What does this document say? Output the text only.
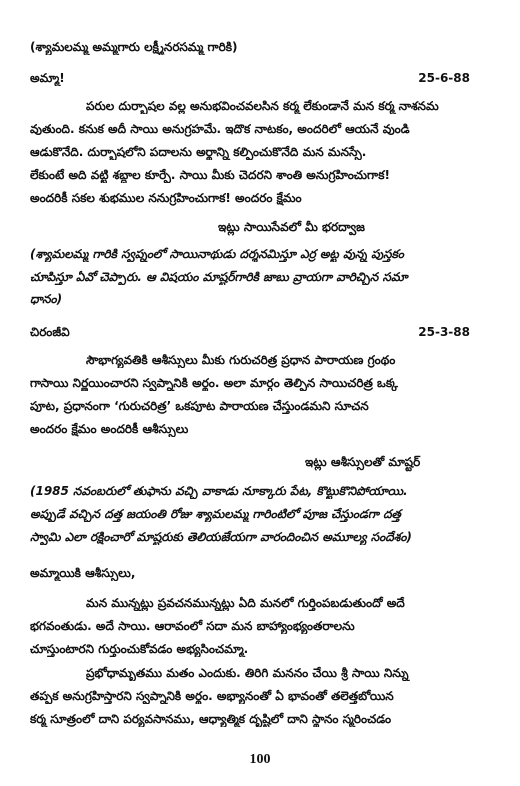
(శ్యామలమ్మ అమ్మగారు లక్ష్మీనరసమ్మ గారికి)
అమ్మా!	25-6-88
పరుల దుర్భాషల వల్ల అనుభవించవలసిన కర్మ లేకుండానే మన కర్మ నాశనమ
వుతుంది. కనుక అదీ సాయి అనుగ్రహమే. ఇదొక నాటకం, అందరిలో ఆయనే వుండి
ఆడుకొనేది. దుర్భాషలోని పదాలను అర్థాన్ని కల్పించుకొనేది మన మనస్సే.
లేకుంటే అది వట్టి శబ్దాల కూర్పే. సాయి మీకు చెదరని శాంతి అనుగ్రహించుగాక!
అందరికీ సకల శుభముల ననుగ్రహించుగాక! అందరం క్షేమం
ఇట్లు సాయిసేవలో మీ భరద్వాజ
(శ్యామలమ్మ గారికి స్వప్నంలో సాయినాథుడు దర్శనమిస్తూ ఎర్ర అట్ట వున్న పుస్తకం
చూపిస్తూ ఏవో చెప్పారు. ఆ విషయం మాష్టర్‌గారికి జాబు వ్రాయగా వారిచ్చిన సమా
ధానం)
చిరంజీవి	25-3-88
సౌభాగ్యవతికి ఆశీస్సులు మీకు గురుచరిత్ర ప్రధాన పారాయణ గ్రంథం
గాసాయి నిర్ణయించారని స్వప్నానికి అర్థం. అలా మార్గం తెల్పిన సాయిచరిత్ర ఒక్క
పూట, ప్రధానంగా ‘గురుచరిత్ర’ ఒకపూట పారాయణ చేస్తుండమని సూచన
అందరం క్షేమం అందరికీ ఆశీస్సులు
ఇట్లు ఆశీస్సులతో మాష్టర్
(1985 నవంబరులో తుఫాను వచ్చి వాకాడు నూక్కారు పేట, కొట్టుకొనిపోయాయి.
అప్పుడే వచ్చిన దత్త జయంతి రోజు శ్యామలమ్మ గారింటిలో పూజ చేస్తుండగా దత్త
స్వామి ఎలా రక్షించారో మాష్టరుకు తెలియజేయగా వారందించిన అమూల్య సందేశం)
అమ్మాయికి ఆశీస్సులు,
మన మున్నట్లు ప్రవచనమున్నట్లు ఏది మనలో గుర్తింపబడుతుందో అదే
భగవంతుడు. అదే సాయి. ఆరావంలో సదా మన బాహ్యాంభ్యంతరాలను
చూస్తుంటారని గుర్తుంచుకోవడం అభ్యసించమ్మా.
ప్రభోధామృతము మతం ఎందుకు. తిరిగి మననం చేయి శ్రీ సాయి నిన్ను
తప్పక అనుగ్రహిస్తారని స్వప్నానికి అర్థం. అభ్యానంతో ఏ భావంతో తలెత్తబోయిన
కర్మ సూత్రంలో దాని పర్యవసానము, ఆధ్యాత్మిక దృష్టిలో దాని స్థానం స్మరించడం
100
